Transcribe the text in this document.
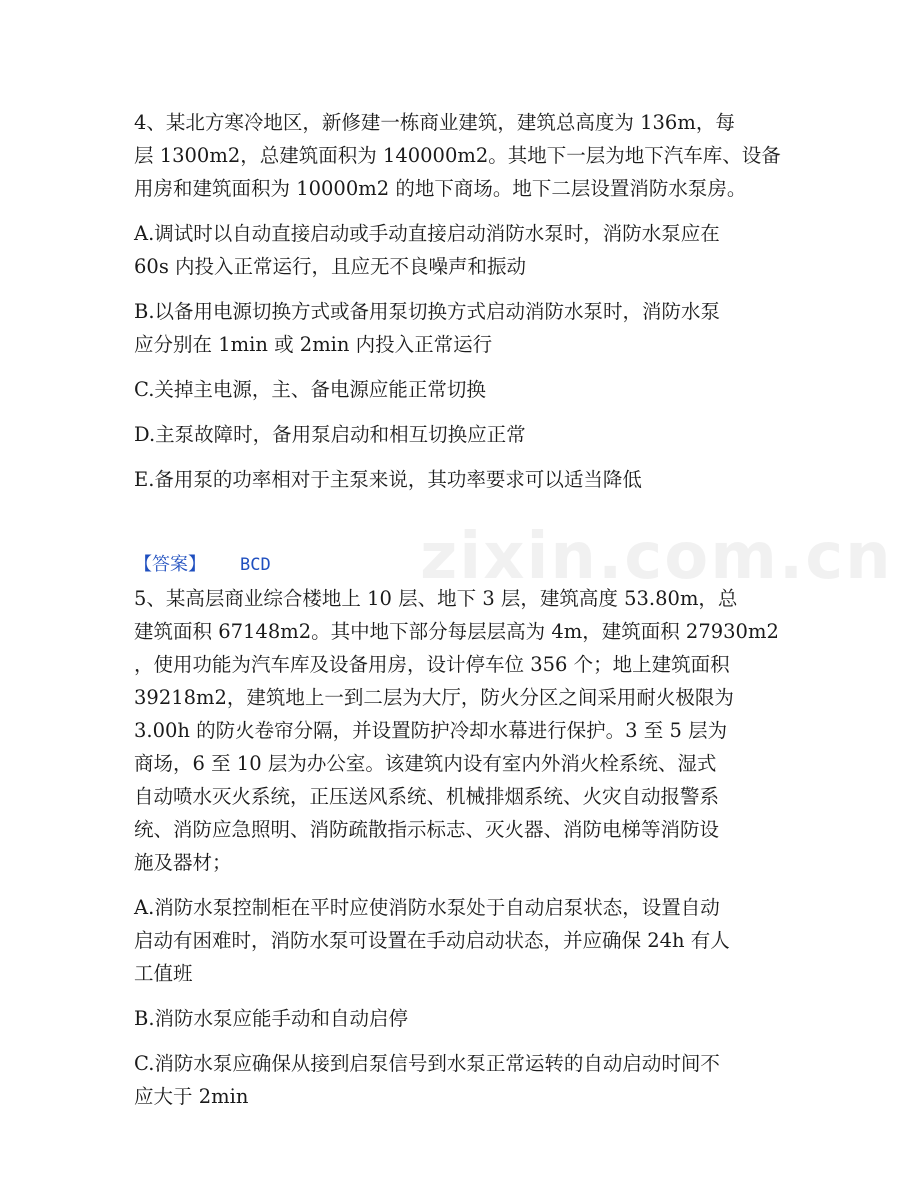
zixin.com.cn

4、某北方寒冷地区，新修建一栋商业建筑，建筑总高度为 136m，每
层 1300m2，总建筑面积为 140000m2。其地下一层为地下汽车库、设备
用房和建筑面积为 10000m2 的地下商场。地下二层设置消防水泵房。

A.调试时以自动直接启动或手动直接启动消防水泵时，消防水泵应在
60s 内投入正常运行，且应无不良噪声和振动

B.以备用电源切换方式或备用泵切换方式启动消防水泵时，消防水泵
应分别在 1min 或 2min 内投入正常运行

C.关掉主电源，主、备电源应能正常切换

D.主泵故障时，备用泵启动和相互切换应正常

E.备用泵的功率相对于主泵来说，其功率要求可以适当降低

【答案】 BCD

5、某高层商业综合楼地上 10 层、地下 3 层，建筑高度 53.80m，总
建筑面积 67148m2。其中地下部分每层层高为 4m，建筑面积 27930m2
，使用功能为汽车库及设备用房，设计停车位 356 个；地上建筑面积
39218m2，建筑地上一到二层为大厅，防火分区之间采用耐火极限为
3.00h 的防火卷帘分隔，并设置防护冷却水幕进行保护。3 至 5 层为
商场，6 至 10 层为办公室。该建筑内设有室内外消火栓系统、湿式
自动喷水灭火系统，正压送风系统、机械排烟系统、火灾自动报警系
统、消防应急照明、消防疏散指示标志、灭火器、消防电梯等消防设
施及器材；

A.消防水泵控制柜在平时应使消防水泵处于自动启泵状态，设置自动
启动有困难时，消防水泵可设置在手动启动状态，并应确保 24h 有人
工值班

B.消防水泵应能手动和自动启停

C.消防水泵应确保从接到启泵信号到水泵正常运转的自动启动时间不
应大于 2min
